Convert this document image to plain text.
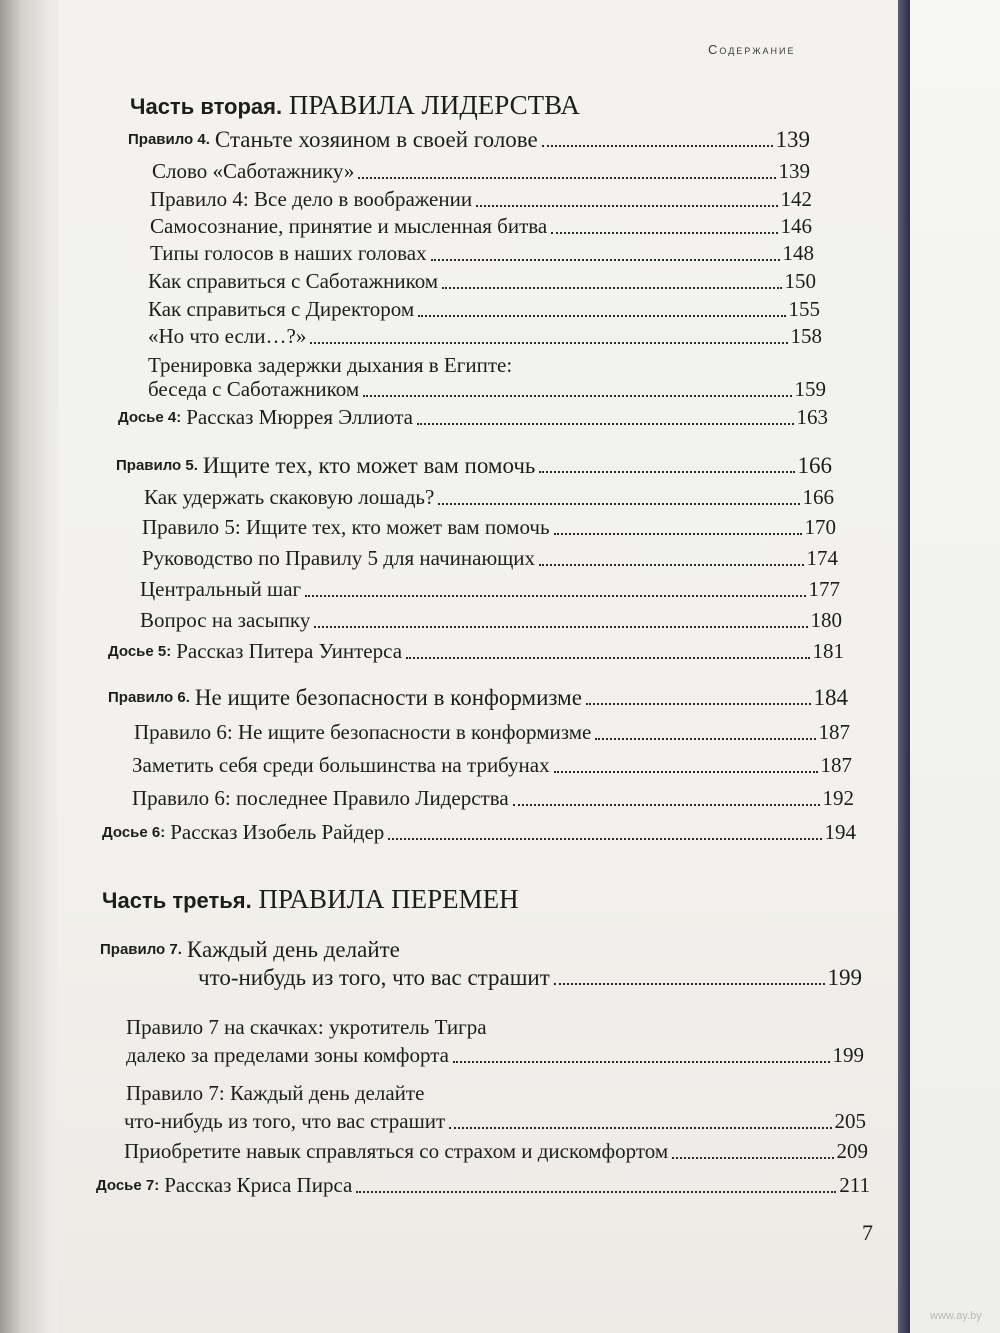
www.ay.by
Содержание
Часть вторая. ПРАВИЛА ЛИДЕРСТВА
Правило 4. Станьте хозяином в своей голове	139
Слово «Саботажнику»	139
Правило 4: Все дело в воображении	142
Самосознание, принятие и мысленная битва	146
Типы голосов в наших головах	148
Как справиться с Саботажником	150
Как справиться с Директором	155
«Но что если…?»	158
Тренировка задержки дыхания в Египте:
беседа с Саботажником	159
Досье 4: Рассказ Мюррея Эллиота	163
Правило 5. Ищите тех, кто может вам помочь	166
Как удержать скаковую лошадь?	166
Правило 5: Ищите тех, кто может вам помочь	170
Руководство по Правилу 5 для начинающих	174
Центральный шаг	177
Вопрос на засыпку	180
Досье 5: Рассказ Питера Уинтерса	181
Правило 6. Не ищите безопасности в конформизме	184
Правило 6: Не ищите безопасности в конформизме	187
Заметить себя среди большинства на трибунах	187
Правило 6: последнее Правило Лидерства	192
Досье 6: Рассказ Изобель Райдер	194
Часть третья. ПРАВИЛА ПЕРЕМЕН
Правило 7. Каждый день делайте
что-нибудь из того, что вас страшит	199
Правило 7 на скачках: укротитель Тигра
далеко за пределами зоны комфорта	199
Правило 7: Каждый день делайте
что-нибудь из того, что вас страшит	205
Приобретите навык справляться со страхом и дискомфортом	209
Досье 7: Рассказ Криса Пирса	211
7
